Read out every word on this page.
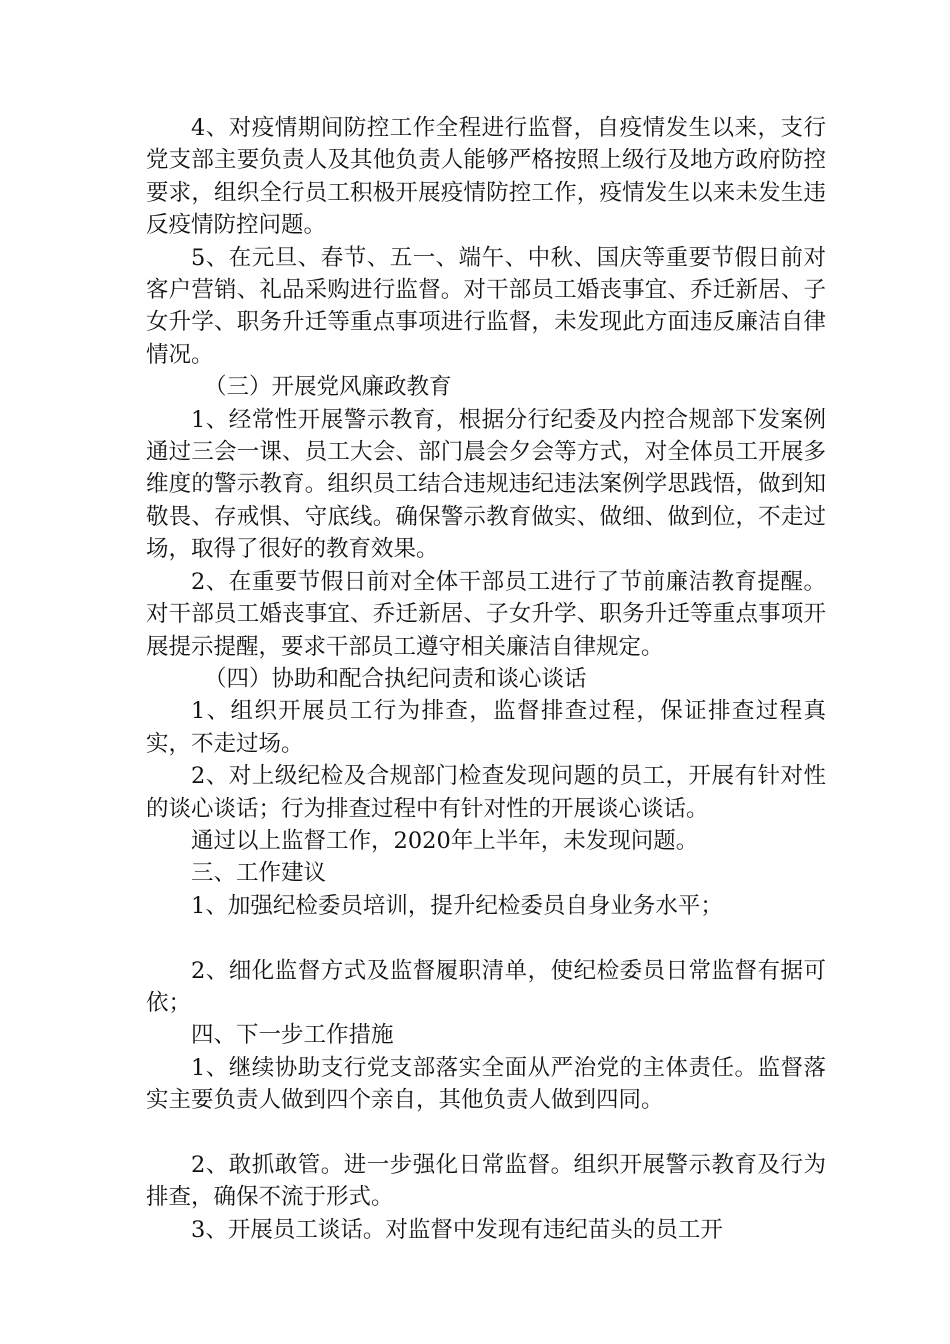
4、对疫情期间防控工作全程进行监督，自疫情发生以来，支行党支部主要负责人及其他负责人能够严格按照上级行及地方政府防控要求，组织全行员工积极开展疫情防控工作，疫情发生以来未发生违反疫情防控问题。

5、在元旦、春节、五一、端午、中秋、国庆等重要节假日前对客户营销、礼品采购进行监督。对干部员工婚丧事宜、乔迁新居、子女升学、职务升迁等重点事项进行监督，未发现此方面违反廉洁自律情况。

（三）开展党风廉政教育

1、经常性开展警示教育，根据分行纪委及内控合规部下发案例通过三会一课、员工大会、部门晨会夕会等方式，对全体员工开展多维度的警示教育。组织员工结合违规违纪违法案例学思践悟，做到知敬畏、存戒惧、守底线。确保警示教育做实、做细、做到位，不走过场，取得了很好的教育效果。

2、在重要节假日前对全体干部员工进行了节前廉洁教育提醒。对干部员工婚丧事宜、乔迁新居、子女升学、职务升迁等重点事项开展提示提醒，要求干部员工遵守相关廉洁自律规定。

（四）协助和配合执纪问责和谈心谈话

1、组织开展员工行为排查，监督排查过程，保证排查过程真实，不走过场。

2、对上级纪检及合规部门检查发现问题的员工，开展有针对性的谈心谈话；行为排查过程中有针对性的开展谈心谈话。

通过以上监督工作，2020年上半年，未发现问题。

三、工作建议

1、加强纪检委员培训，提升纪检委员自身业务水平；

2、细化监督方式及监督履职清单，使纪检委员日常监督有据可依；

四、下一步工作措施

1、继续协助支行党支部落实全面从严治党的主体责任。监督落实主要负责人做到四个亲自，其他负责人做到四同。

2、敢抓敢管。进一步强化日常监督。组织开展警示教育及行为排查，确保不流于形式。

3、开展员工谈话。对监督中发现有违纪苗头的员工开
